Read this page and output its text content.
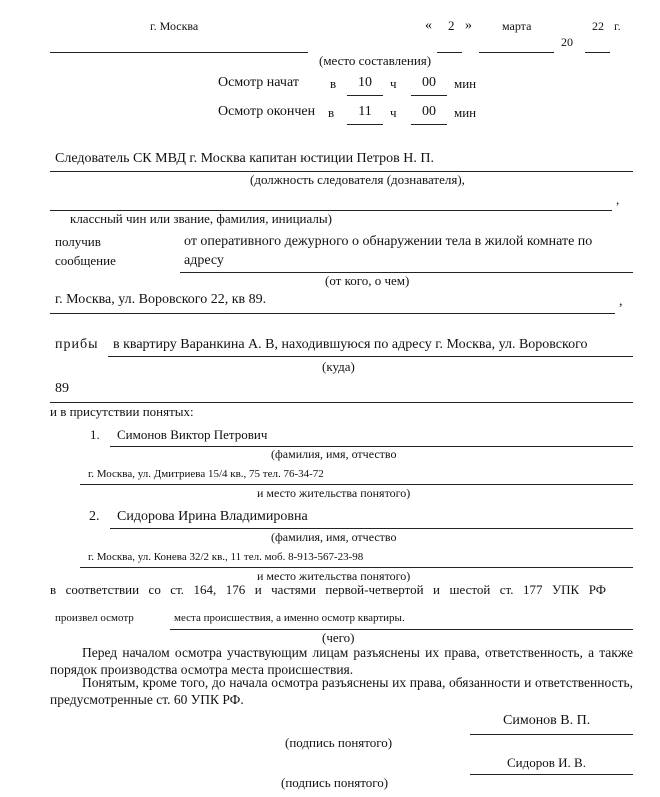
г. Москва	« 2 »	марта	22 г.
20
(место составления)
Осмотр начат в	10	ч	00	мин
Осмотр окончен в	11	ч	00	мин
Следователь СК МВД г. Москва капитан юстиции Петров Н. П.
(должность следователя (дознавателя),
,
классный чин или звание, фамилия, инициалы)
получив
сообщение
от оперативного дежурного о обнаружении тела в жилой комнате по
адресу
(от кого, о чем)
г. Москва, ул. Воровского 22, кв 89.	,
прибы в квартиру Варанкина А. В, находившуюся по адресу г. Москва, ул. Воровского
(куда)
89
и в присутствии понятых:
1. Симонов Виктор Петрович
(фамилия, имя, отчество
г. Москва, ул. Дмитриева 15/4 кв., 75 тел. 76-34-72
и место жительства понятого)
2. Сидорова Ирина Владимировна
(фамилия, имя, отчество
г. Москва, ул. Конева 32/2 кв., 11 тел. моб. 8-913-567-23-98
и место жительства понятого)
в соответствии со ст. 164, 176 и частями первой-четвертой и шестой ст. 177 УПК РФ
произвел осмотр	места происшествия, а именно осмотр квартиры.
(чего)
Перед началом осмотра участвующим лицам разъяснены их права, ответственность, а также порядок производства осмотра места происшествия.
Понятым, кроме того, до начала осмотра разъяснены их права, обязанности и ответственность, предусмотренные ст. 60 УПК РФ.
Симонов В. П.
(подпись понятого)
Сидоров И. В.
(подпись понятого)
